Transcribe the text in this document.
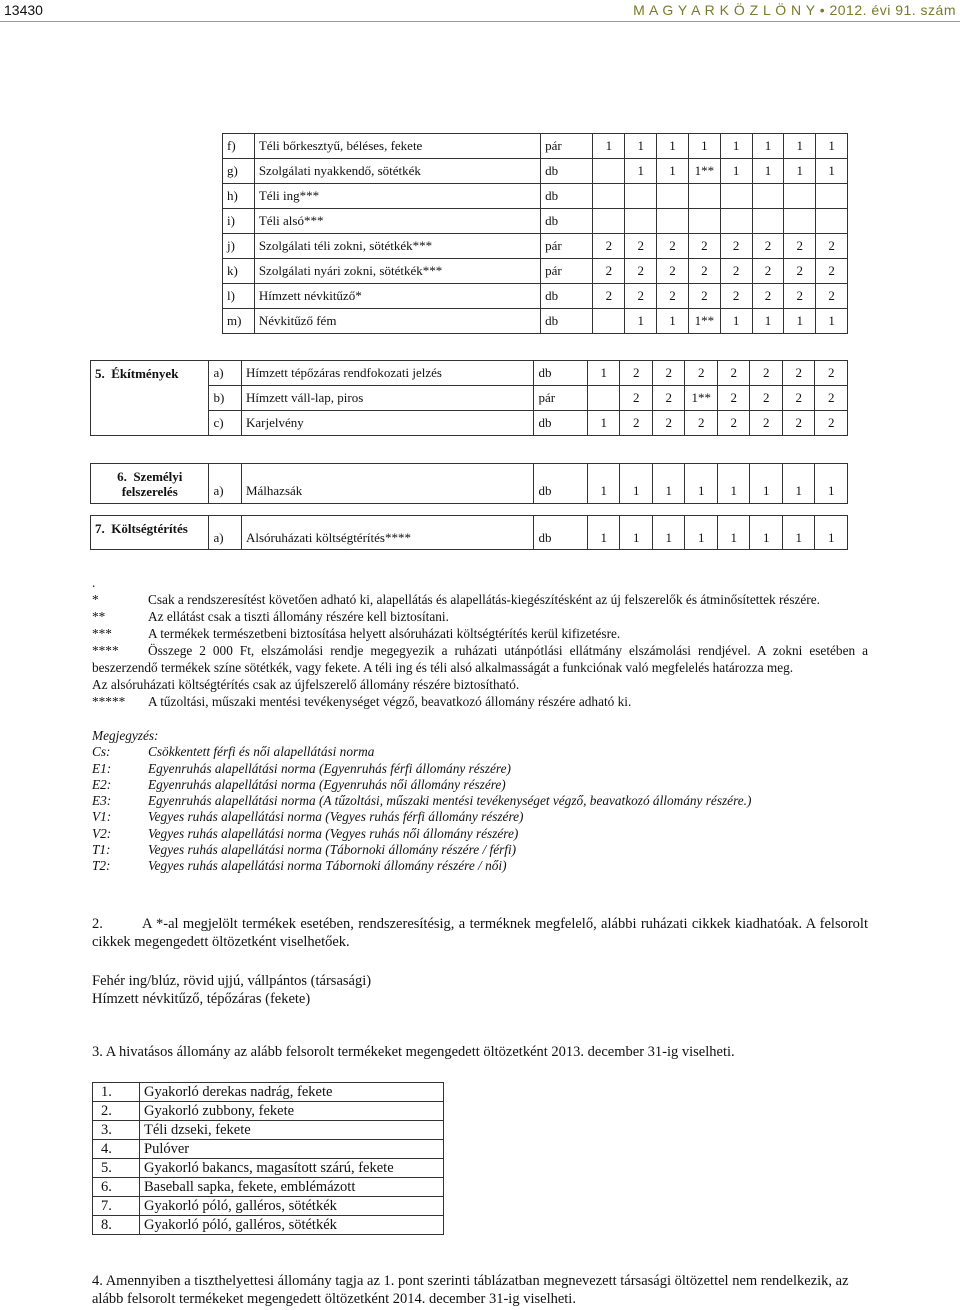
13430	M A G Y A R K Ö Z L Ö N Y • 2012. évi 91. szám
f)	Téli bőrkesztyű, béléses, fekete	pár	1	1	1	1	1	1	1	1
g)	Szolgálati nyakkendő, sötétkék	db		1	1	1**	1	1	1	1
h)	Téli ing***	db								
i)	Téli alsó***	db								
j)	Szolgálati téli zokni, sötétkék***	pár	2	2	2	2	2	2	2	2
k)	Szolgálati nyári zokni, sötétkék***	pár	2	2	2	2	2	2	2	2
l)	Hímzett névkitűző*	db	2	2	2	2	2	2	2	2
m)	Névkitűző fém	db		1	1	1**	1	1	1	1
5. Ékítmények	a)	Hímzett tépőzáras rendfokozati jelzés	db	1	2	2	2	2	2	2	2
	b)	Hímzett váll-lap, piros	pár		2	2	1**	2	2	2	2
	c)	Karjelvény	db	1	2	2	2	2	2	2	2
6. Személyi
felszerelés	a)	Málhazsák	db	1	1	1	1	1	1	1	1
7. Költségtérítés	a)	Alsóruházati költségtérítés****	db	1	1	1	1	1	1	1	1

.

*	Csak a rendszeresítést követően adható ki, alapellátás és alapellátás-kiegészítésként az új felszerelők és átminősítettek részére.

**	Az ellátást csak a tiszti állomány részére kell biztosítani.
***	A termékek természetbeni biztosítása helyett alsóruházati költségtérítés kerül kifizetésre.

**** Összege 2 000 Ft, elszámolási rendje megegyezik a ruházati utánpótlási ellátmány elszámolási rendjével. A zokni esetében a beszerzendő termékek színe sötétkék, vagy fekete. A téli ing és téli alsó alkalmasságát a funkciónak való megfelelés határozza meg.

Az alsóruházati költségtérítés csak az újfelszerelő állomány részére biztosítható.

*****	A tűzoltási, műszaki mentési tevékenységet végző, beavatkozó állomány részére adható ki.
Megjegyzés:
Cs:	Csökkentett férfi és női alapellátási norma
E1:	Egyenruhás alapellátási norma (Egyenruhás férfi állomány részére)
E2:	Egyenruhás alapellátási norma (Egyenruhás női állomány részére)
E3:	Egyenruhás alapellátási norma (A tűzoltási, műszaki mentési tevékenységet végző, beavatkozó állomány részére.)
V1:	Vegyes ruhás alapellátási norma (Vegyes ruhás férfi állomány részére)
V2:	Vegyes ruhás alapellátási norma (Vegyes ruhás női állomány részére)
T1:	Vegyes ruhás alapellátási norma (Tábornoki állomány részére / férfi)
T2:	Vegyes ruhás alapellátási norma Tábornoki állomány részére / női)
2.         A *-al megjelölt termékek esetében, rendszeresítésig, a terméknek megfelelő, alábbi ruházati cikkek kiadhatóak. A felsorolt cikkek megengedett öltözetként viselhetőek.
Fehér ing/blúz, rövid ujjú, vállpántos (társasági)
Hímzett névkitűző, tépőzáras (fekete)
3. A hivatásos állomány az alább felsorolt termékeket megengedett öltözetként 2013. december 31-ig viselheti.
1.	Gyakorló derekas nadrág, fekete
2.	Gyakorló zubbony, fekete
3.	Téli dzseki, fekete
4.	Pulóver
5.	Gyakorló bakancs, magasított szárú, fekete
6.	Baseball sapka, fekete, emblémázott
7.	Gyakorló póló, galléros, sötétkék
8.	Gyakorló póló, galléros, sötétkék
4. Amennyiben a tiszthelyettesi állomány tagja az 1. pont szerinti táblázatban megnevezett társasági öltözettel nem rendelkezik, az alább felsorolt termékeket megengedett öltözetként 2014. december 31-ig viselheti.
